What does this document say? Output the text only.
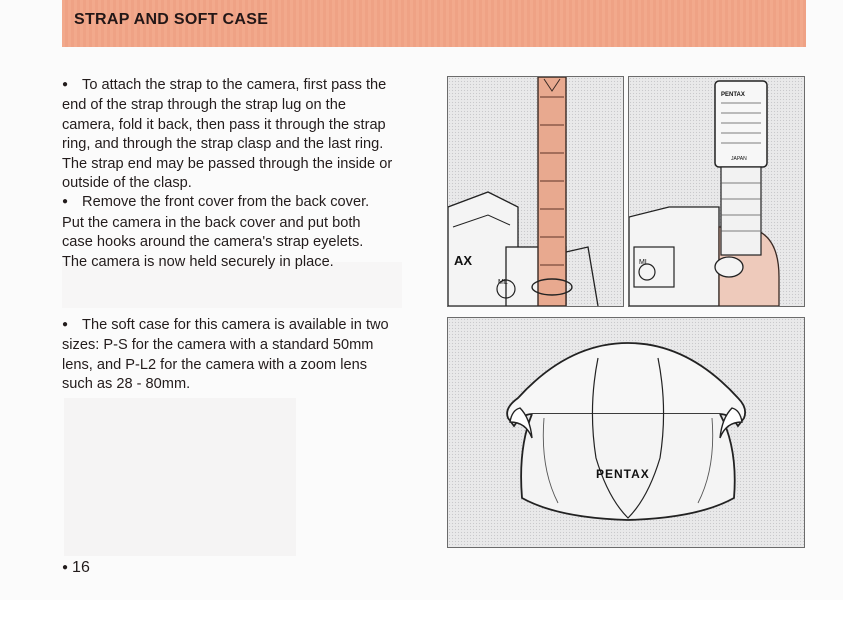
STRAP AND SOFT CASE

● To attach the strap to the camera, first pass the

end of the strap through the strap lug on the

camera, fold it back, then pass it through the strap

ring, and through the strap clasp and the last ring.

The strap end may be passed through the inside or

outside of the clasp.

● Remove the front cover from the back cover.

Put the camera in the back cover and put both

case hooks around the camera's strap eyelets.

The camera is now held securely in place.

● The soft case for this camera is available in two

sizes: P-S for the camera with a standard 50mm

lens, and P-L2 for the camera with a zoom lens

such as 28 - 80mm.

AX
ML
ML
PENTAX
JAPAN
PENTAX
● 16
